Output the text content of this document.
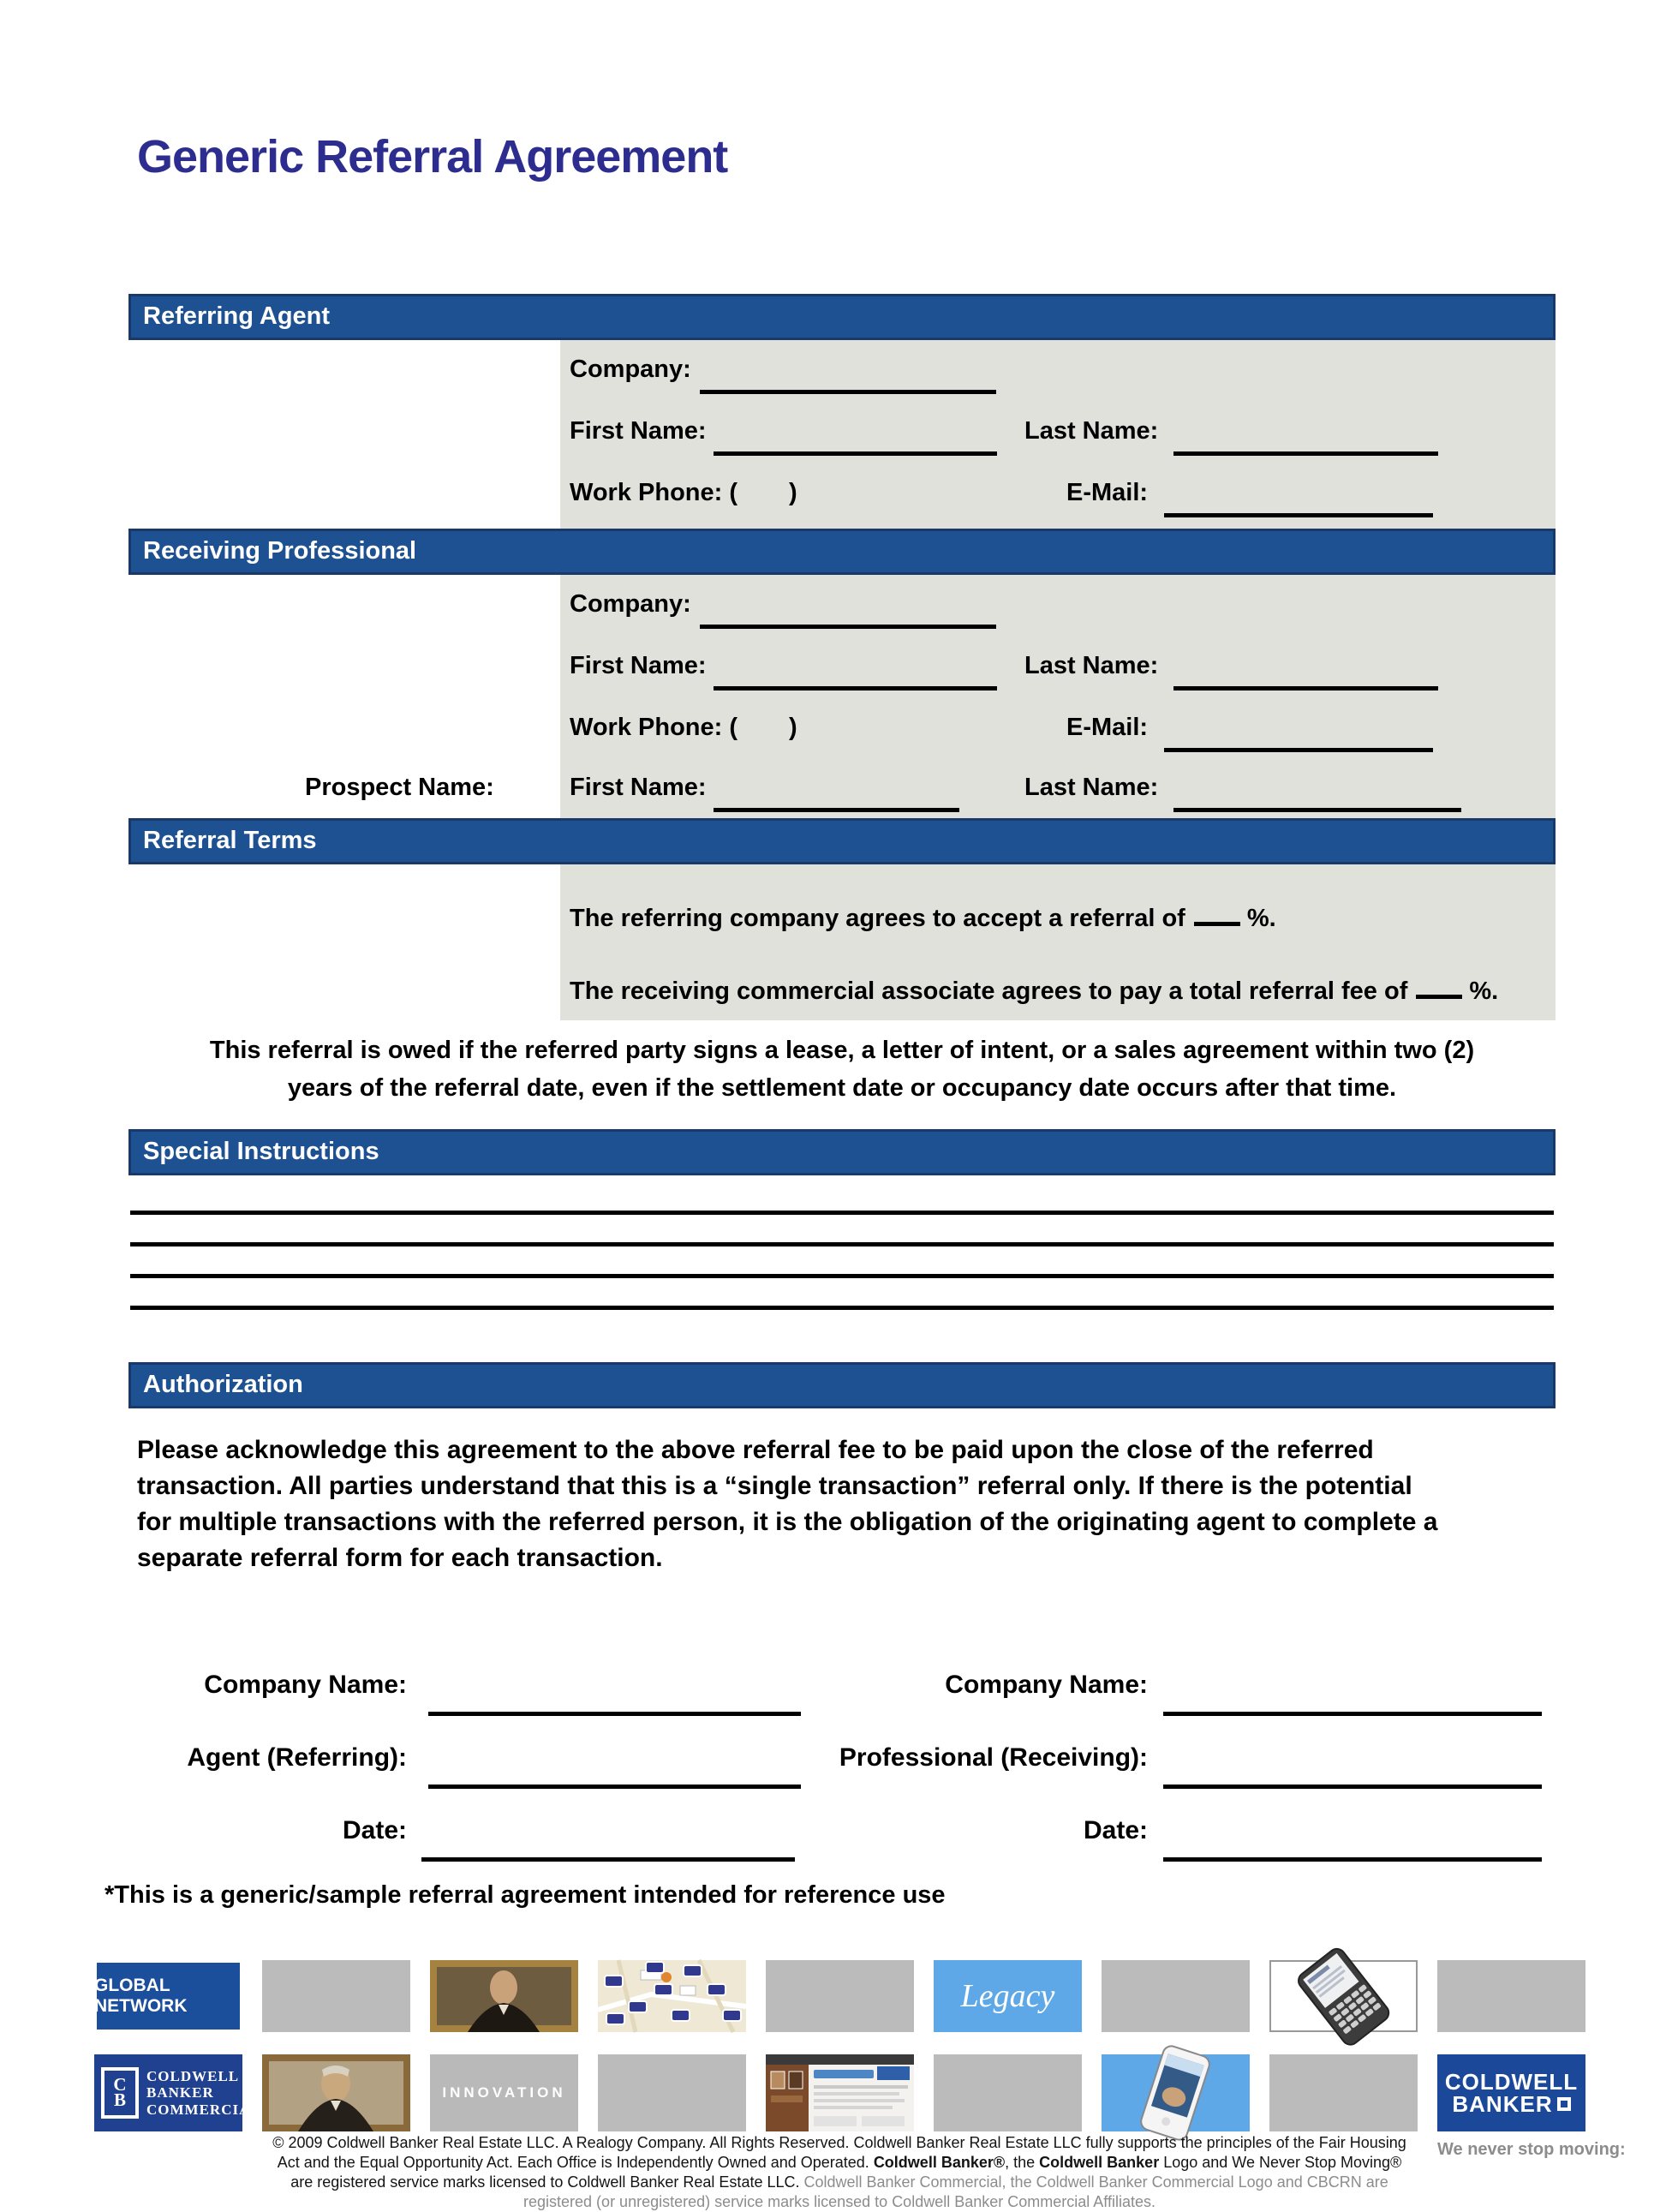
Generic Referral Agreement
Referring Agent
Receiving Professional
Referral Terms
Special Instructions
Authorization
Company:
First Name:	Last Name:
Work Phone: ( )	E-Mail:
Company:
First Name:	Last Name:
Work Phone: ( )	E-Mail:
Prospect Name:	First Name:	Last Name:
The referring company agrees to accept a referral of %.
The receiving commercial associate agrees to pay a total referral fee of %.
This referral is owed if the referred party signs a lease, a letter of intent, or a sales agreement within two (2)
years of the referral date, even if the settlement date or occupancy date occurs after that time.
Please acknowledge this agreement to the above referral fee to be paid upon the close of the referred
transaction. All parties understand that this is a “single transaction” referral only. If there is the potential
for multiple transactions with the referred person, it is the obligation of the originating agent to complete a
separate referral form for each transaction.
Company Name:	Company Name:
Agent (Referring):	Professional (Receiving):
Date:	Date:
*This is a generic/sample referral agreement intended for reference use
GLOBAL NETWORK	Legacy
C
B
COLDWELL
BANKER
COMMERCIAL
INNOVATION	COLDWELL
BANKER
We never stop moving:
© 2009 Coldwell Banker Real Estate LLC. A Realogy Company. All Rights Reserved. Coldwell Banker Real Estate LLC fully supports the principles of the Fair Housing
Act and the Equal Opportunity Act. Each Office is Independently Owned and Operated. Coldwell Banker®, the Coldwell Banker Logo and We Never Stop Moving®
are registered service marks licensed to Coldwell Banker Real Estate LLC. Coldwell Banker Commercial, the Coldwell Banker Commercial Logo and CBCRN are
registered (or unregistered) service marks licensed to Coldwell Banker Commercial Affiliates.
